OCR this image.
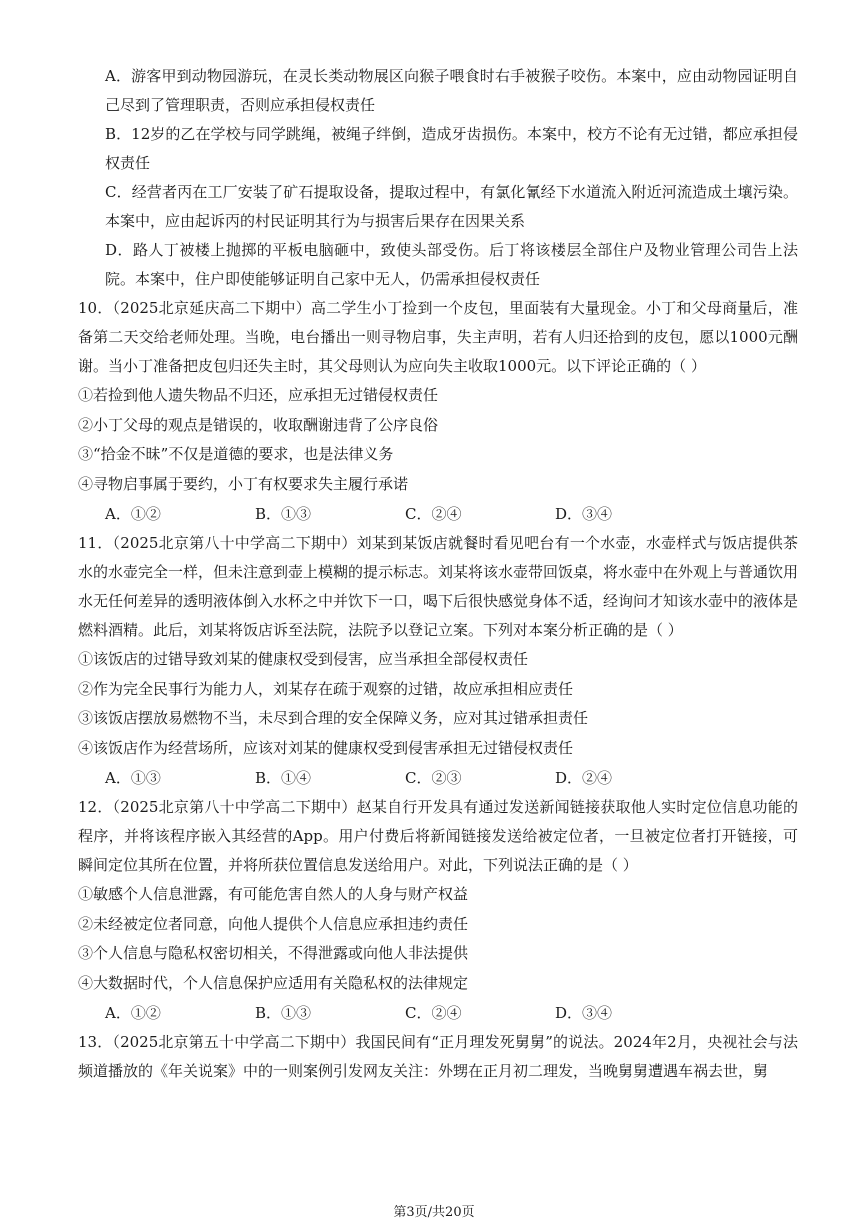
A．游客甲到动物园游玩，在灵长类动物展区向猴子喂食时右手被猴子咬伤。本案中，应由动物园证明自己尽到了管理职责，否则应承担侵权责任

B．12岁的乙在学校与同学跳绳，被绳子绊倒，造成牙齿损伤。本案中，校方不论有无过错，都应承担侵权责任

C．经营者丙在工厂安装了矿石提取设备，提取过程中，有氯化氰经下水道流入附近河流造成土壤污染。本案中，应由起诉丙的村民证明其行为与损害后果存在因果关系

D．路人丁被楼上抛掷的平板电脑砸中，致使头部受伤。后丁将该楼层全部住户及物业管理公司告上法院。本案中，住户即使能够证明自己家中无人，仍需承担侵权责任

10．（2025北京延庆高二下期中）高二学生小丁捡到一个皮包，里面装有大量现金。小丁和父母商量后，准备第二天交给老师处理。当晚，电台播出一则寻物启事，失主声明，若有人归还拾到的皮包，愿以1000元酬谢。当小丁准备把皮包归还失主时，其父母则认为应向失主收取1000元。以下评论正确的（ ）

①若捡到他人遗失物品不归还，应承担无过错侵权责任

②小丁父母的观点是错误的，收取酬谢违背了公序良俗

③“拾金不昧”不仅是道德的要求，也是法律义务

④寻物启事属于要约，小丁有权要求失主履行承诺

A．①②	B．①③	C．②④	D．③④

11．（2025北京第八十中学高二下期中）刘某到某饭店就餐时看见吧台有一个水壶，水壶样式与饭店提供茶水的水壶完全一样，但未注意到壶上模糊的提示标志。刘某将该水壶带回饭桌，将水壶中在外观上与普通饮用水无任何差异的透明液体倒入水杯之中并饮下一口，喝下后很快感觉身体不适，经询问才知该水壶中的液体是燃料酒精。此后，刘某将饭店诉至法院，法院予以登记立案。下列对本案分析正确的是（ ）

①该饭店的过错导致刘某的健康权受到侵害，应当承担全部侵权责任

②作为完全民事行为能力人，刘某存在疏于观察的过错，故应承担相应责任

③该饭店摆放易燃物不当，未尽到合理的安全保障义务，应对其过错承担责任

④该饭店作为经营场所，应该对刘某的健康权受到侵害承担无过错侵权责任

A．①③	B．①④	C．②③	D．②④

12．（2025北京第八十中学高二下期中）赵某自行开发具有通过发送新闻链接获取他人实时定位信息功能的程序，并将该程序嵌入其经营的App。用户付费后将新闻链接发送给被定位者，一旦被定位者打开链接，可瞬间定位其所在位置，并将所获位置信息发送给用户。对此，下列说法正确的是（ ）

①敏感个人信息泄露，有可能危害自然人的人身与财产权益

②未经被定位者同意，向他人提供个人信息应承担违约责任

③个人信息与隐私权密切相关，不得泄露或向他人非法提供

④大数据时代，个人信息保护应适用有关隐私权的法律规定

A．①②	B．①③	C．②④	D．③④

13．（2025北京第五十中学高二下期中）我国民间有“正月理发死舅舅”的说法。2024年2月，央视社会与法频道播放的《年关说案》中的一则案例引发网友关注：外甥在正月初二理发，当晚舅舅遭遇车祸去世，舅

第3页/共20页
